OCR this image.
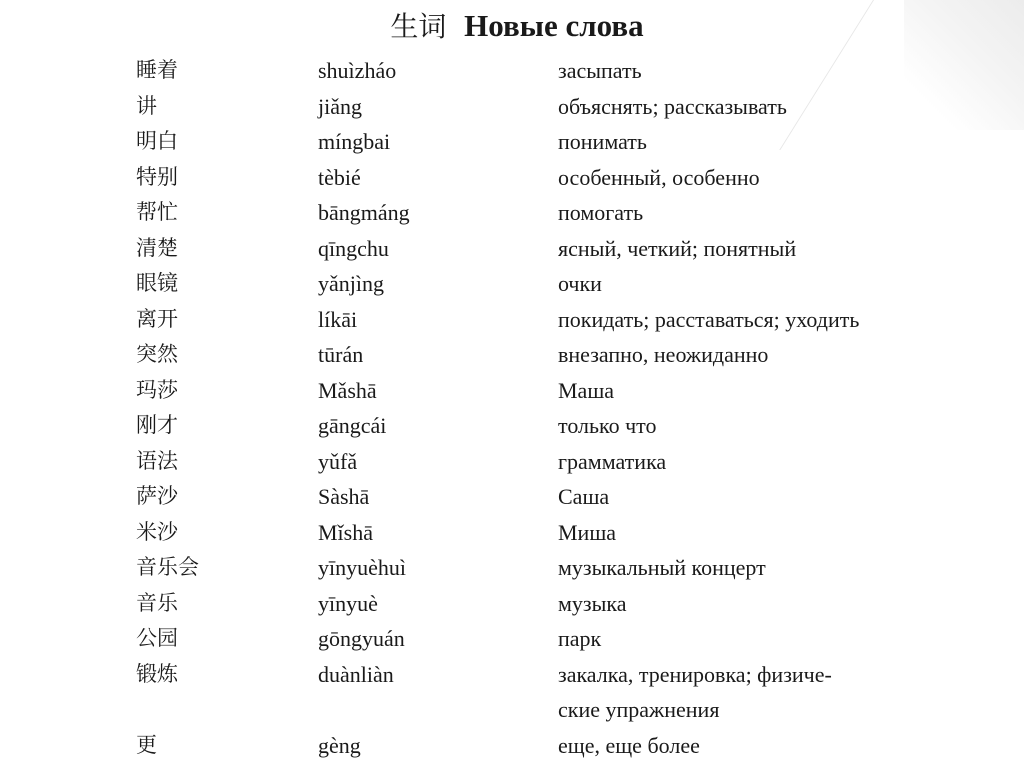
生词 Новые слова
睡着	shuìzháo	засыпать
讲	jiǎng	объяснять; рассказывать
明白	míngbai	понимать
特别	tèbié	особенный, особенно
帮忙	bāngmáng	помогать
清楚	qīngchu	ясный, четкий; понятный
眼镜	yǎnjìng	очки
离开	líkāi	покидать; расставаться; уходить
突然	tūrán	внезапно, неожиданно
玛莎	Mǎshā	Маша
刚才	gāngcái	только что
语法	yǔfǎ	грамматика
萨沙	Sàshā	Саша
米沙	Mǐshā	Миша
音乐会	yīnyuèhuì	музыкальный концерт
音乐	yīnyuè	музыка
公园	gōngyuán	парк
锻炼	duànliàn	закалка, тренировка; физиче-
ские упражнения
更	gèng	еще, еще более
